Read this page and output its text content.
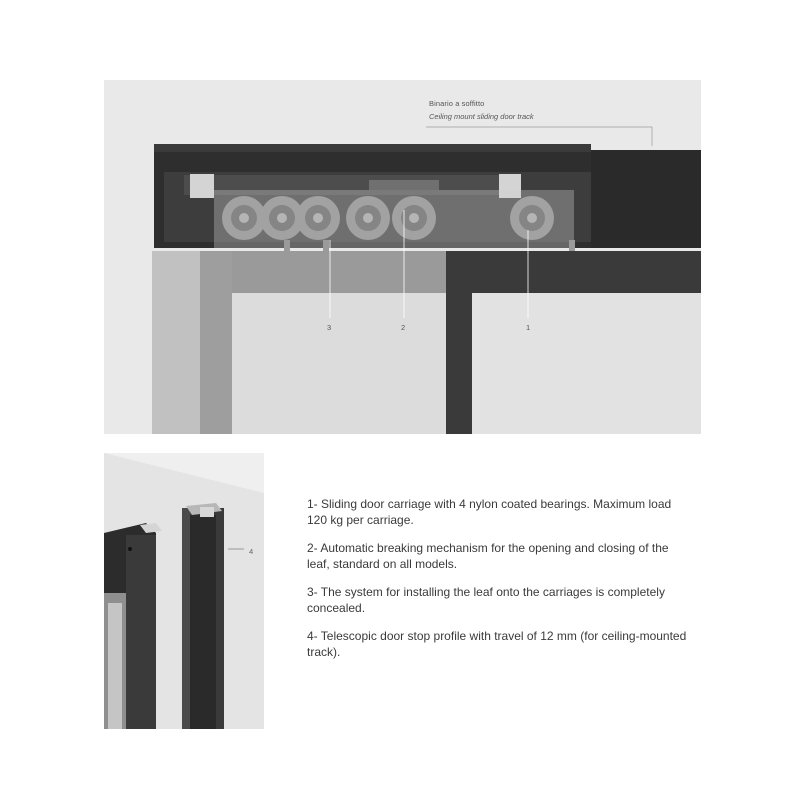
Binario a soffitto
Ceiling mount sliding door track
3	2	1
4
1- Sliding door carriage with 4 nylon coated bearings. Maximum load 120 kg per carriage.
2- Automatic breaking mechanism for the opening and closing of the leaf, standard on all models.
3- The system for installing the leaf onto the carriages is completely concealed.
4- Telescopic door stop profile with travel of 12 mm (for ceiling-mounted track).
